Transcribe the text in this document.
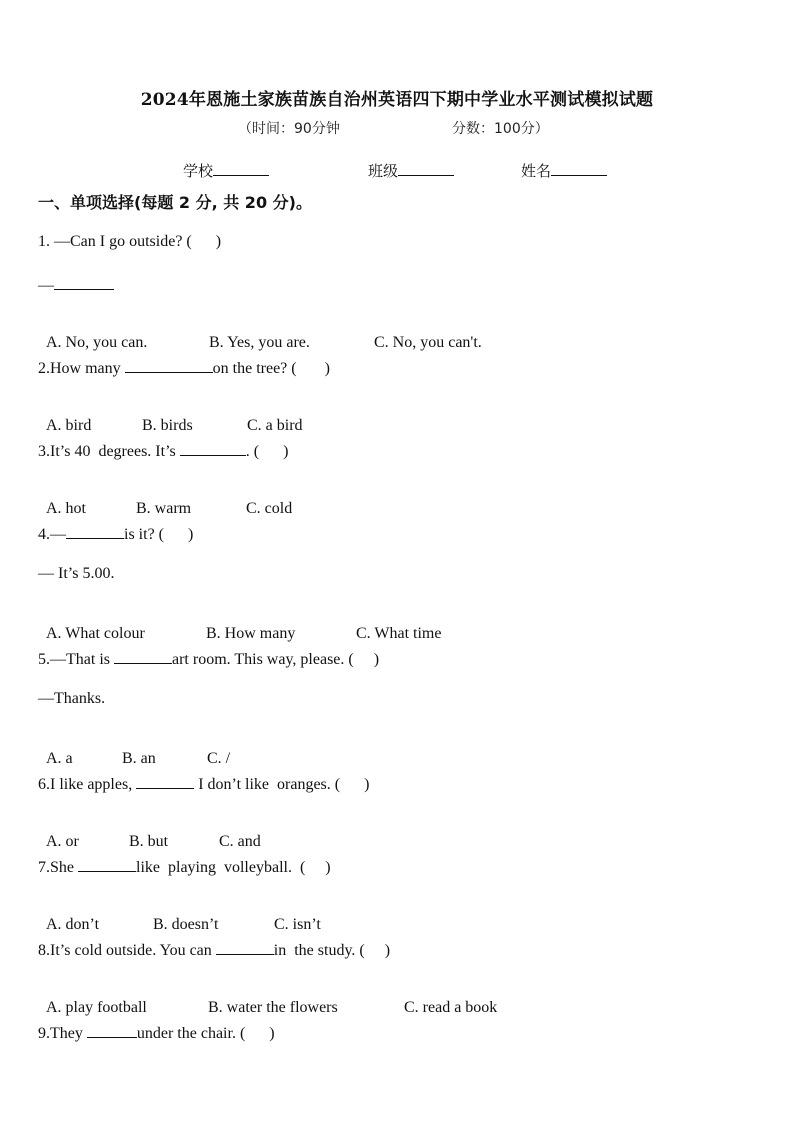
2024年恩施土家族苗族自治州英语四下期中学业水平测试模拟试题
（时间：90分钟	分数：100分）
学校	班级	姓名
一、单项选择(每题 2 分, 共 20 分)。
1. —Can I go outside? (      )
—

A. No, you can.	B. Yes, you are.	C. No, you can't.

2.How many	on the tree? (       )

A. bird	B. birds	C. a bird

3.It’s 40  degrees. It’s	. (      )

A. hot	B. warm	C. cold

4.—	is it? (      )
— It’s 5.00.

A. What colour	B. How many	C. What time

5.—That is	art room. This way, please. (     )
—Thanks.

A. a	B. an	C. /

6.I like apples,	I don’t like  oranges. (      )

A. or	B. but	C. and

7.She	like  playing  volleyball.  (     )

A. don’t	B. doesn’t	C. isn’t

8.It’s cold outside. You can	in  the study. (     )

A. play football	B. water the flowers	C. read a book

9.They	under the chair. (      )
